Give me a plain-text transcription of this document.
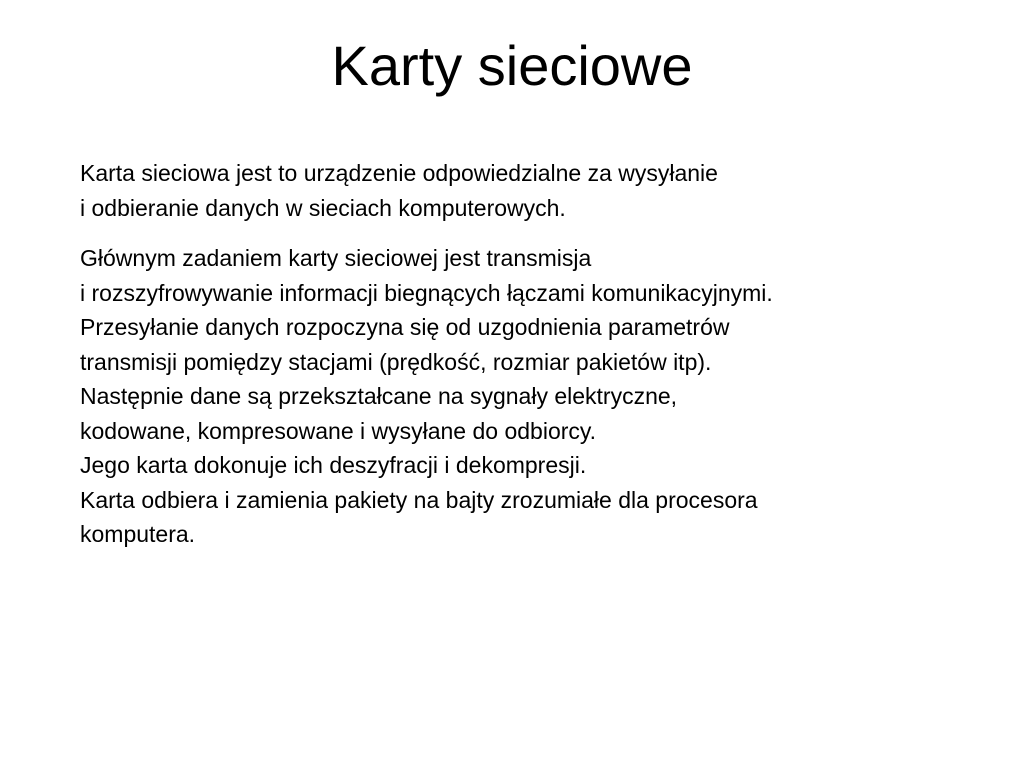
Karty sieciowe

Karta sieciowa jest to urządzenie odpowiedzialne za wysyłanie
i odbieranie danych w sieciach komputerowych.

Głównym zadaniem karty sieciowej jest transmisja
i rozszyfrowywanie informacji biegnących łączami komunikacyjnymi.
Przesyłanie danych rozpoczyna się od uzgodnienia parametrów
transmisji pomiędzy stacjami (prędkość, rozmiar pakietów itp).
Następnie dane są przekształcane na sygnały elektryczne,
kodowane, kompresowane i wysyłane do odbiorcy.
Jego karta dokonuje ich deszyfracji i dekompresji.
Karta odbiera i zamienia pakiety na bajty zrozumiałe dla procesora
komputera.
